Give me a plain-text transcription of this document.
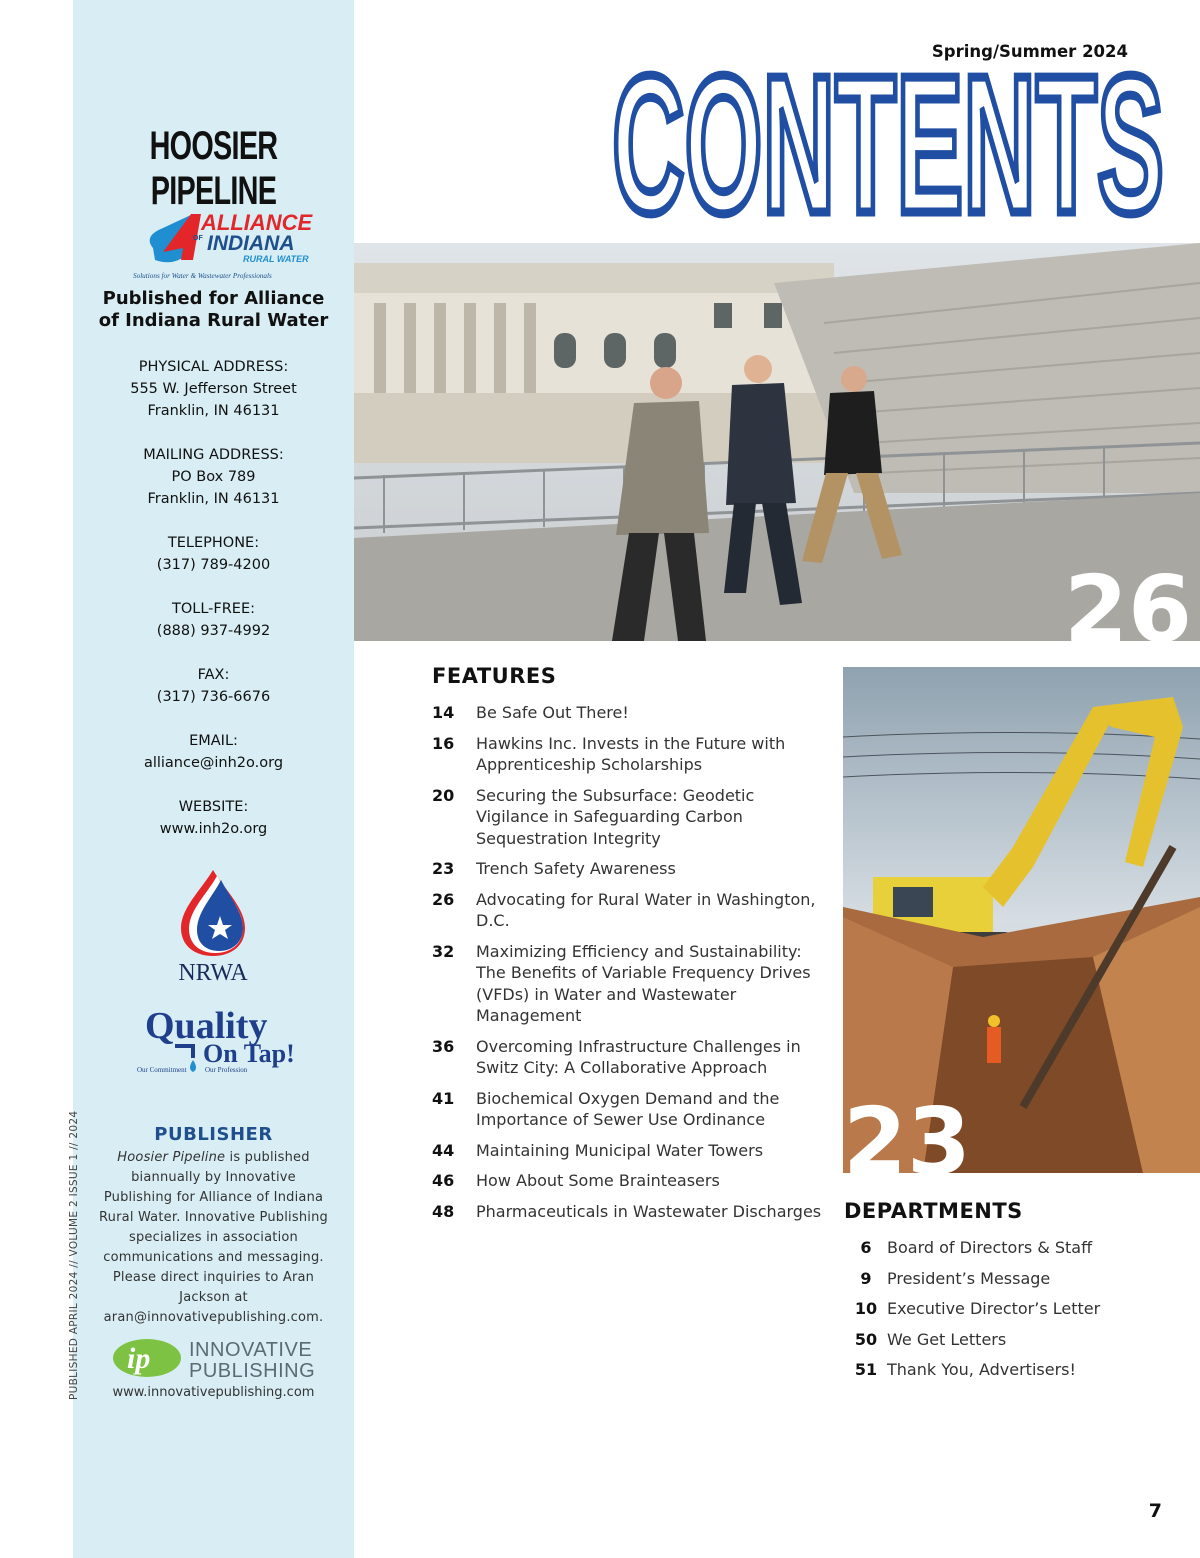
HOOSIER PIPELINE
ALLIANCE
OF INDIANA
RURAL WATER
Solutions for Water & Wastewater Professionals
Published for Alliance
of Indiana Rural Water
PHYSICAL ADDRESS:
555 W. Jefferson Street
Franklin, IN 46131
MAILING ADDRESS:
PO Box 789
Franklin, IN 46131
TELEPHONE:
(317) 789-4200
TOLL-FREE:
(888) 937-4992
FAX:
(317) 736-6676
EMAIL:
alliance@inh2o.org
WEBSITE:
www.inh2o.org
NRWA
Quality
On Tap!
Our Commitment	Our Profession
PUBLISHER
Hoosier Pipeline is published biannually by Innovative Publishing for Alliance of Indiana Rural Water. Innovative Publishing specializes in association communications and messaging. Please direct inquiries to Aran Jackson at aran@innovativepublishing.com.
ip INNOVATIVE
PUBLISHING
www.innovativepublishing.com
PUBLISHED APRIL 2024 // VOLUME 2 ISSUE 1 // 2024
Spring/Summer 2024
CONTENTS
26
23
FEATURES
14	Be Safe Out There!
16	Hawkins Inc. Invests in the Future with Apprenticeship Scholarships
20	Securing the Subsurface: Geodetic Vigilance in Safeguarding Carbon Sequestration Integrity
23	Trench Safety Awareness
26	Advocating for Rural Water in Washington, D.C.
32	Maximizing Efficiency and Sustainability: The Benefits of Variable Frequency Drives (VFDs) in Water and Wastewater Management
36	Overcoming Infrastructure Challenges in Switz City: A Collaborative Approach
41	Biochemical Oxygen Demand and the Importance of Sewer Use Ordinance
44	Maintaining Municipal Water Towers
46	How About Some Brainteasers
48	Pharmaceuticals in Wastewater Discharges DEPARTMENTS
6 Board of Directors & Staff
9 President’s Message
10 Executive Director’s Letter
50 We Get Letters
51 Thank You, Advertisers!
7
